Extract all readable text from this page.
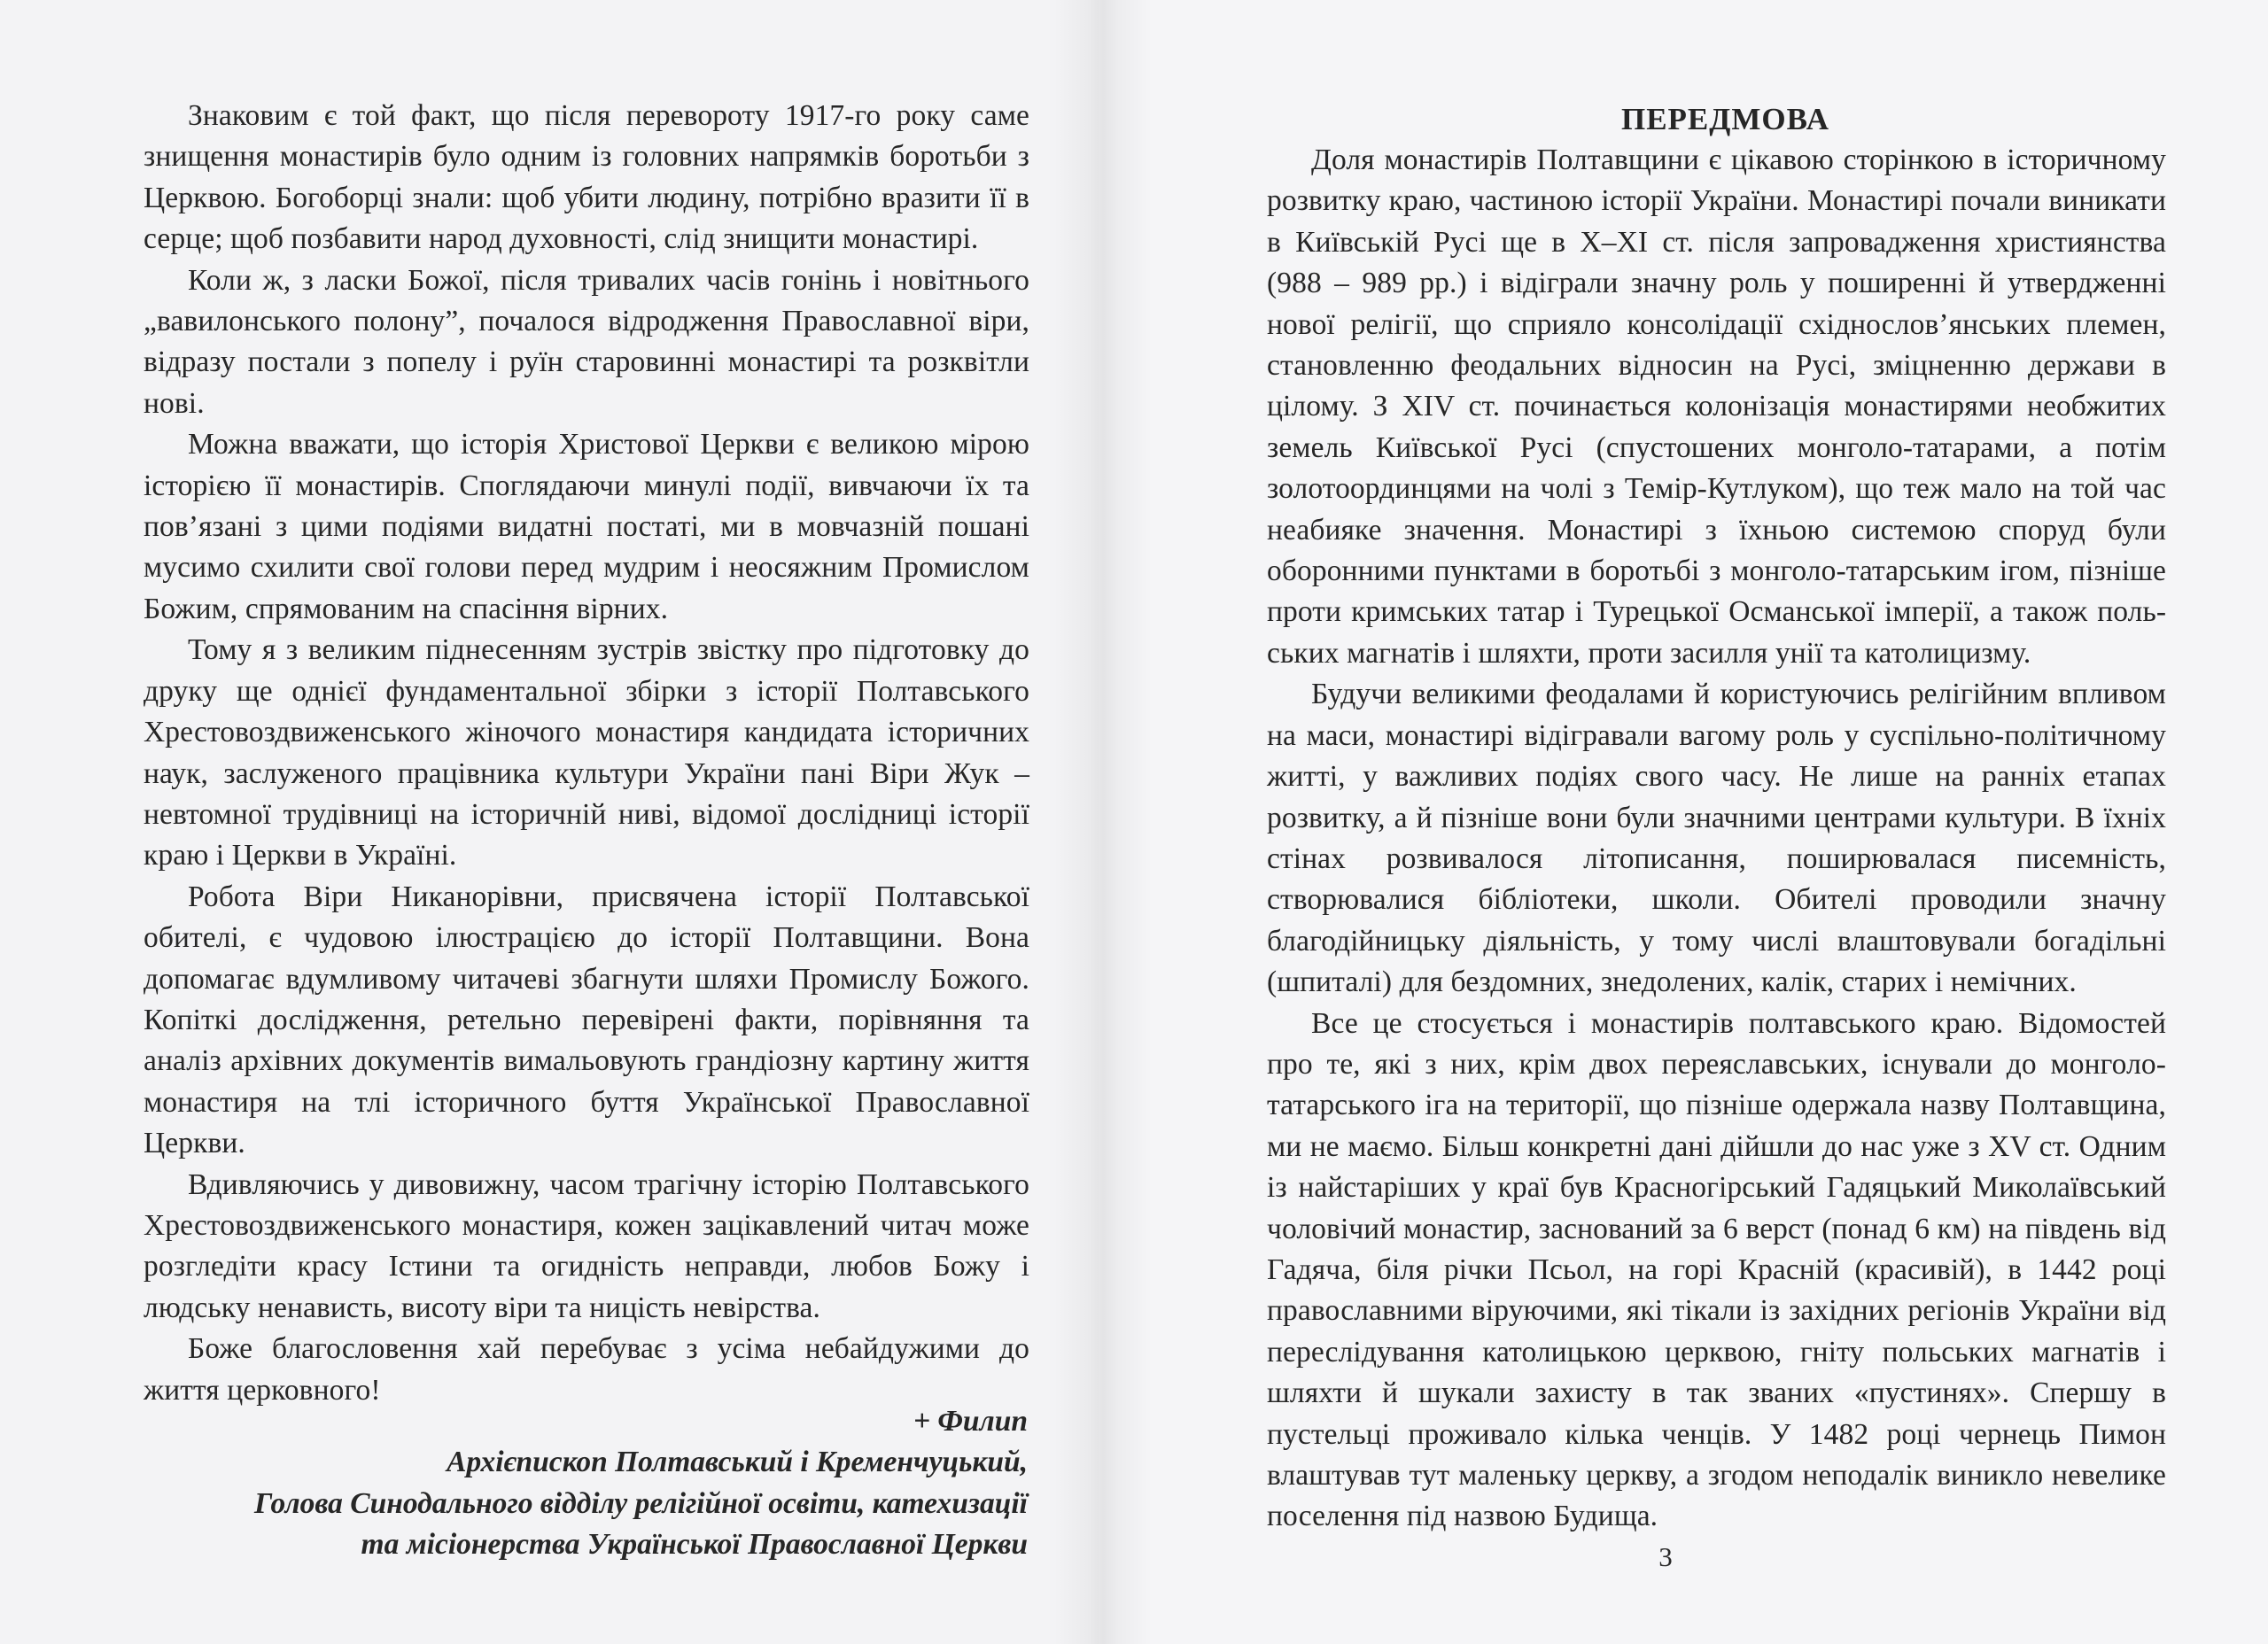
Знаковим є той факт, що після перевороту 1917-го року саме знищення монастирів було одним із головних напрямків боротьби з Церквою. Богоборці знали: щоб убити людину, потрібно вразити її в серце; щоб позбавити народ духовності, слід знищити монастирі.

Коли ж, з ласки Божої, після тривалих часів гонінь і новітнього „вавилонського полону”, почалося відродження Православної віри, відразу постали з попелу і руїн старовинні монастирі та розквітли нові.

Можна вважати, що історія Христової Церкви є великою мірою історією її монастирів. Споглядаючи минулі події, вивчаючи їх та пов’язані з цими подіями видатні постаті, ми в мовчазній пошані мусимо схилити свої голови перед мудрим і неосяжним Промислом Божим, спрямованим на спасіння вірних.

Тому я з великим піднесенням зустрів звістку про підготовку до друку ще однієї фундаментальної збірки з історії Полтавського Хрестовоздвиженського жіночого монастиря кандидата історичних наук, заслуженого працівника культури України пані Віри Жук – невтомної трудівниці на історичній ниві, відомої дослідниці історії краю і Церкви в Україні.

Робота Віри Никанорівни, присвячена історії Полтавської обителі, є чудовою ілюстрацією до історії Полтавщини. Вона допомагає вдумливому читачеві збагнути шляхи Промислу Божого. Копіткі дослідження, ретельно перевірені факти, порівняння та аналіз архівних документів вимальовують грандіозну картину життя монастиря на тлі історичного буття Української Православної Церкви.

Вдивляючись у дивовижну, часом трагічну історію Полтавського Хрестовоздвиженського монастиря, кожен зацікавлений читач може розгледіти красу Істини та огидність неправди, любов Божу і людську ненависть, висоту віри та ницість невірства.

Боже благословення хай перебуває з усіма небайдужими до життя церковного!

+ Филип

Архієпископ Полтавський і Кременчуцький,

Голова Синодального відділу релігійної освіти, катехизації

та місіонерства Української Православної Церкви

ПЕРЕДМОВА

Доля монастирів Полтавщини є цікавою сторінкою в історичному розвитку краю, частиною історії України. Монастирі почали виникати в Київській Русі ще в X–XI ст. після запровадження християнства (988 – 989 рр.) і відіграли значну роль у поширенні й утвердженні нової релігії, що сприяло консолідації східнослов’янських племен, становленню феодальних відносин на Русі, зміцненню держави в цілому. З XIV ст. починається колонізація монастирями необжитих земель Київської Русі (спустошених монголо-татарами, а потім золотоординцями на чолі з Темір-Кутлуком), що теж мало на той час неабияке значення. Монастирі з їхньою системою споруд були оборонними пунктами в боротьбі з монголо-татарським ігом, пізніше проти кримських татар і Турецької Османської імперії, а також польських магнатів і шляхти, проти засилля унії та католицизму.

Будучи великими феодалами й користуючись релігійним впливом на маси, монастирі відігравали вагому роль у суспільно-політичному житті, у важливих подіях свого часу. Не лише на ранніх етапах розвитку, а й пізніше вони були значними центрами культури. В їхніх стінах розвивалося літописання, поширювалася писемність, створювалися бібліотеки, школи. Обителі проводили значну благодійницьку діяльність, у тому числі влаштовували богадільні (шпиталі) для бездомних, знедолених, калік, старих і немічних.

Все це стосується і монастирів полтавського краю. Відомостей про те, які з них, крім двох переяславських, існували до монголо-татарського іга на території, що пізніше одержала назву Полтавщина, ми не маємо. Більш конкретні дані дійшли до нас уже з XV ст. Одним із найстаріших у краї був Красногірський Гадяцький Миколаївський чоловічий монастир, заснований за 6 верст (понад 6 км) на південь від Гадяча, біля річки Псьол, на горі Красній (красивій), в 1442 році православними віруючими, які тікали із західних регіонів України від переслідування католицькою церквою, гніту польських магнатів і шляхти й шукали захисту в так званих «пустинях». Спершу в пустельці проживало кілька ченців. У 1482 році чернець Пимон влаштував тут маленьку церкву, а згодом неподалік виникло невелике поселення під назвою Будища.

3
